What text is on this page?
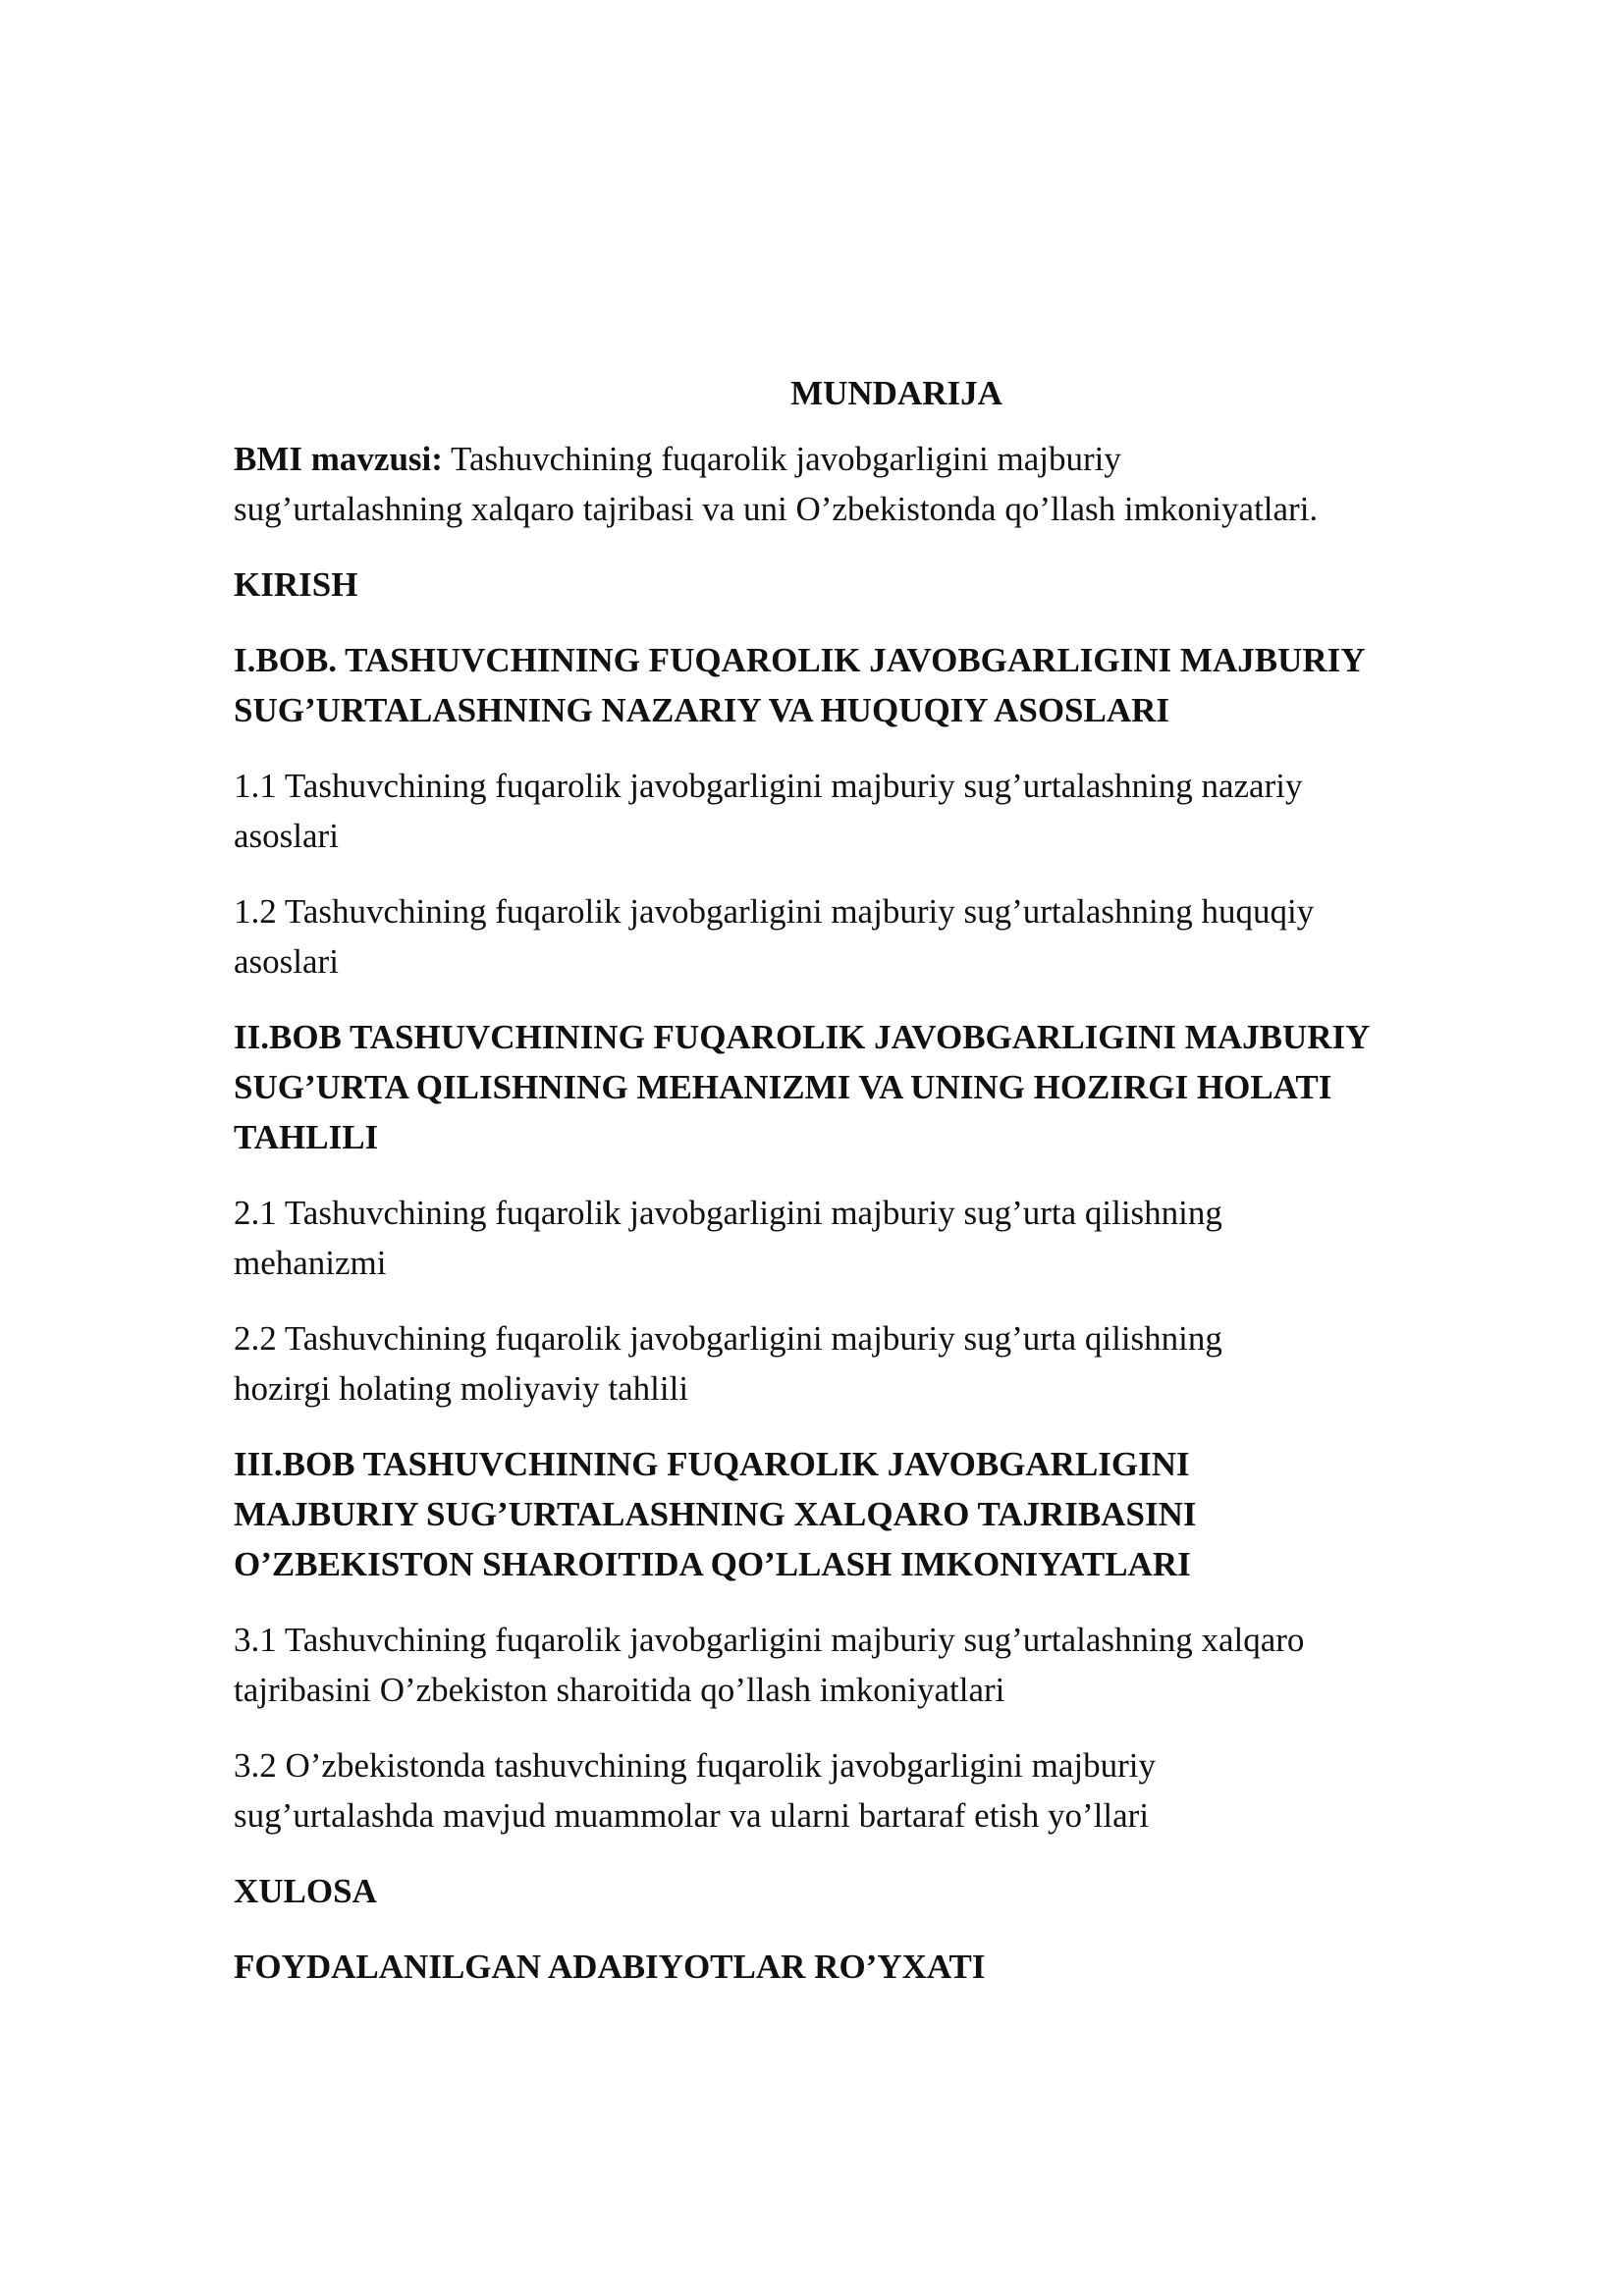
MUNDARIJA
BMI mavzusi: Tashuvchining fuqarolik javobgarligini majburiy
sug’urtalashning xalqaro tajribasi va uni O’zbekistonda qo’llash imkoniyatlari.
KIRISH
I.BOB. TASHUVCHINING FUQAROLIK JAVOBGARLIGINI MAJBURIY
SUG’URTALASHNING NAZARIY VA HUQUQIY ASOSLARI
1.1 Tashuvchining fuqarolik javobgarligini majburiy sug’urtalashning nazariy
asoslari
1.2 Tashuvchining fuqarolik javobgarligini majburiy sug’urtalashning huquqiy
asoslari
II.BOB TASHUVCHINING FUQAROLIK JAVOBGARLIGINI MAJBURIY
SUG’URTA QILISHNING MEHANIZMI VA UNING HOZIRGI HOLATI
TAHLILI
2.1 Tashuvchining fuqarolik javobgarligini majburiy sug’urta qilishning
mehanizmi
2.2 Tashuvchining fuqarolik javobgarligini majburiy sug’urta qilishning
hozirgi holating moliyaviy tahlili
III.BOB TASHUVCHINING FUQAROLIK JAVOBGARLIGINI
MAJBURIY SUG’URTALASHNING XALQARO TAJRIBASINI
O’ZBEKISTON SHAROITIDA QO’LLASH IMKONIYATLARI
3.1 Tashuvchining fuqarolik javobgarligini majburiy sug’urtalashning xalqaro
tajribasini O’zbekiston sharoitida qo’llash imkoniyatlari
3.2 O’zbekistonda tashuvchining fuqarolik javobgarligini majburiy
sug’urtalashda mavjud muammolar va ularni bartaraf etish yo’llari
XULOSA
FOYDALANILGAN ADABIYOTLAR RO’YXATI
